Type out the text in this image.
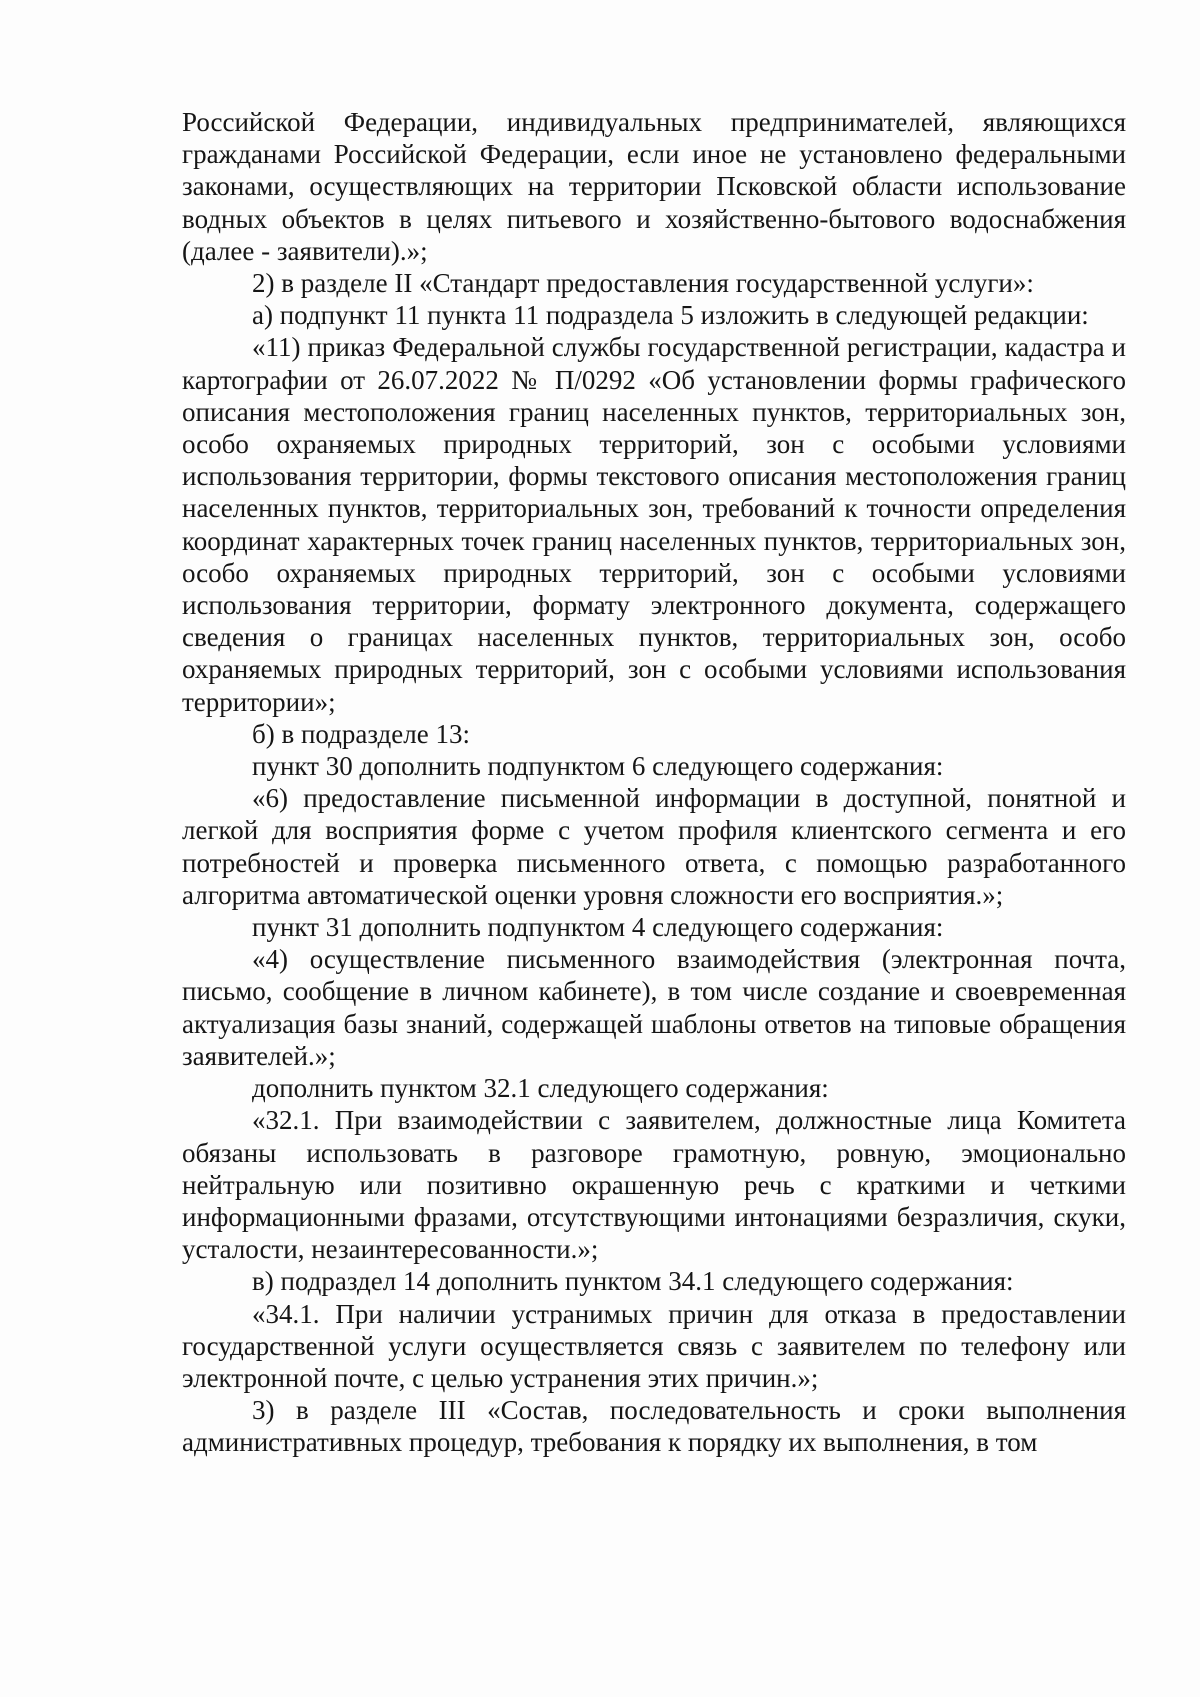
Российской Федерации, индивидуальных предпринимателей, являющихся гражданами Российской Федерации, если иное не установлено федеральными законами, осуществляющих на территории Псковской области использование водных объектов в целях питьевого и хозяйственно-бытового водоснабжения (далее - заявители).»;

2) в разделе II «Стандарт предоставления государственной услуги»:

а) подпункт 11 пункта 11 подраздела 5 изложить в следующей редакции:

«11) приказ Федеральной службы государственной регистрации, кадастра и картографии от 26.07.2022 № П/0292 «Об установлении формы графического описания местоположения границ населенных пунктов, территориальных зон, особо охраняемых природных территорий, зон с особыми условиями использования территории, формы текстового описания местоположения границ населенных пунктов, территориальных зон, требований к точности определения координат характерных точек границ населенных пунктов, территориальных зон, особо охраняемых природных территорий, зон с особыми условиями использования территории, формату электронного документа, содержащего сведения о границах населенных пунктов, территориальных зон, особо охраняемых природных территорий, зон с особыми условиями использования территории»;

б) в подразделе 13:

пункт 30 дополнить подпунктом 6 следующего содержания:

«6) предоставление письменной информации в доступной, понятной и легкой для восприятия форме с учетом профиля клиентского сегмента и его потребностей и проверка письменного ответа, с помощью разработанного алгоритма автоматической оценки уровня сложности его восприятия.»;

пункт 31 дополнить подпунктом 4 следующего содержания:

«4) осуществление письменного взаимодействия (электронная почта, письмо, сообщение в личном кабинете), в том числе создание и своевременная актуализация базы знаний, содержащей шаблоны ответов на типовые обращения заявителей.»;

дополнить пунктом 32.1 следующего содержания:

«32.1. При взаимодействии с заявителем, должностные лица Комитета обязаны использовать в разговоре грамотную, ровную, эмоционально нейтральную или позитивно окрашенную речь с краткими и четкими информационными фразами, отсутствующими интонациями безразличия, скуки, усталости, незаинтересованности.»;

в) подраздел 14 дополнить пунктом 34.1 следующего содержания:

«34.1. При наличии устранимых причин для отказа в предоставлении государственной услуги осуществляется связь с заявителем по телефону или электронной почте, с целью устранения этих причин.»;

3) в разделе III «Состав, последовательность и сроки выполнения административных процедур, требования к порядку их выполнения, в том
